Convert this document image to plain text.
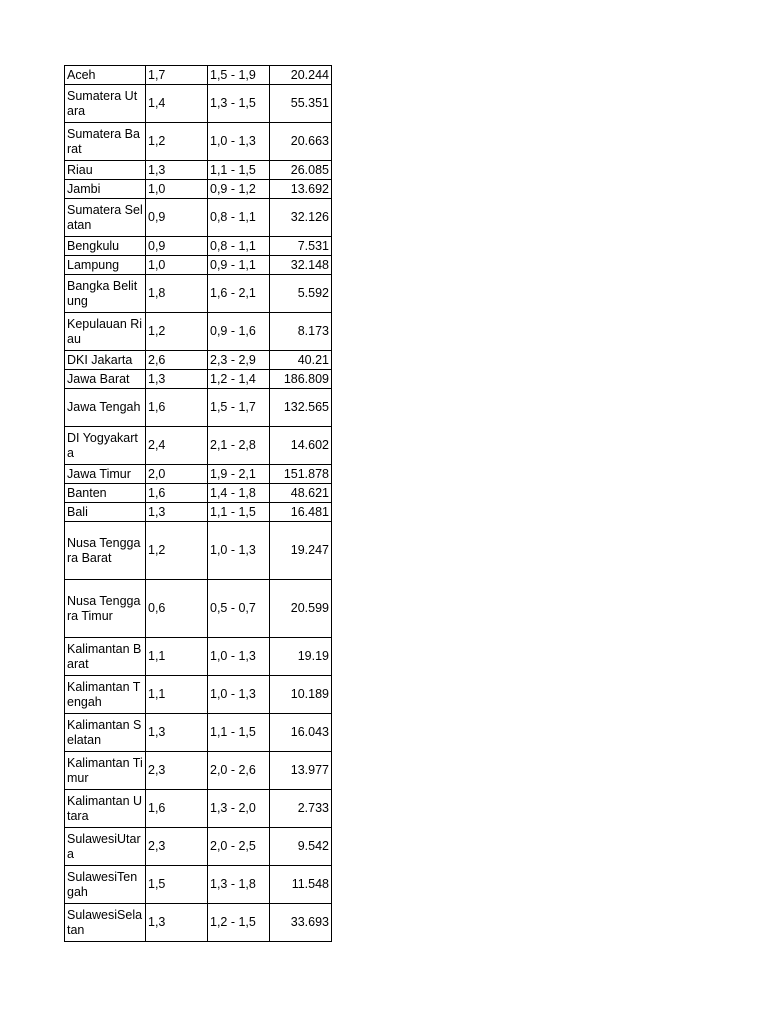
Aceh	1,7	1,5 - 1,9	20.244

Sumatera Utara	1,4	1,3 - 1,5	55.351

Sumatera Barat	1,2	1,0 - 1,3	20.663

Riau	1,3	1,1 - 1,5	26.085

Jambi	1,0	0,9 - 1,2	13.692

Sumatera Selatan	0,9	0,8 - 1,1	32.126

Bengkulu	0,9	0,8 - 1,1	7.531

Lampung	1,0	0,9 - 1,1	32.148

Bangka Belitung	1,8	1,6 - 2,1	5.592

Kepulauan Riau	1,2	0,9 - 1,6	8.173

DKI Jakarta	2,6	2,3 - 2,9	40.21

Jawa Barat	1,3	1,2 - 1,4	186.809

Jawa Tengah	1,6	1,5 - 1,7	132.565

DI Yogyakarta	2,4	2,1 - 2,8	14.602

Jawa Timur	2,0	1,9 - 2,1	151.878

Banten	1,6	1,4 - 1,8	48.621

Bali	1,3	1,1 - 1,5	16.481

Nusa Tenggara Barat	1,2	1,0 - 1,3	19.247

Nusa Tenggara Timur	0,6	0,5 - 0,7	20.599

Kalimantan Barat	1,1	1,0 - 1,3	19.19

Kalimantan Tengah	1,1	1,0 - 1,3	10.189

Kalimantan Selatan	1,3	1,1 - 1,5	16.043

Kalimantan Timur	2,3	2,0 - 2,6	13.977

Kalimantan Utara	1,6	1,3 - 2,0	2.733

SulawesiUtara	2,3	2,0 - 2,5	9.542

SulawesiTengah	1,5	1,3 - 1,8	11.548

SulawesiSelatan	1,3	1,2 - 1,5	33.693
